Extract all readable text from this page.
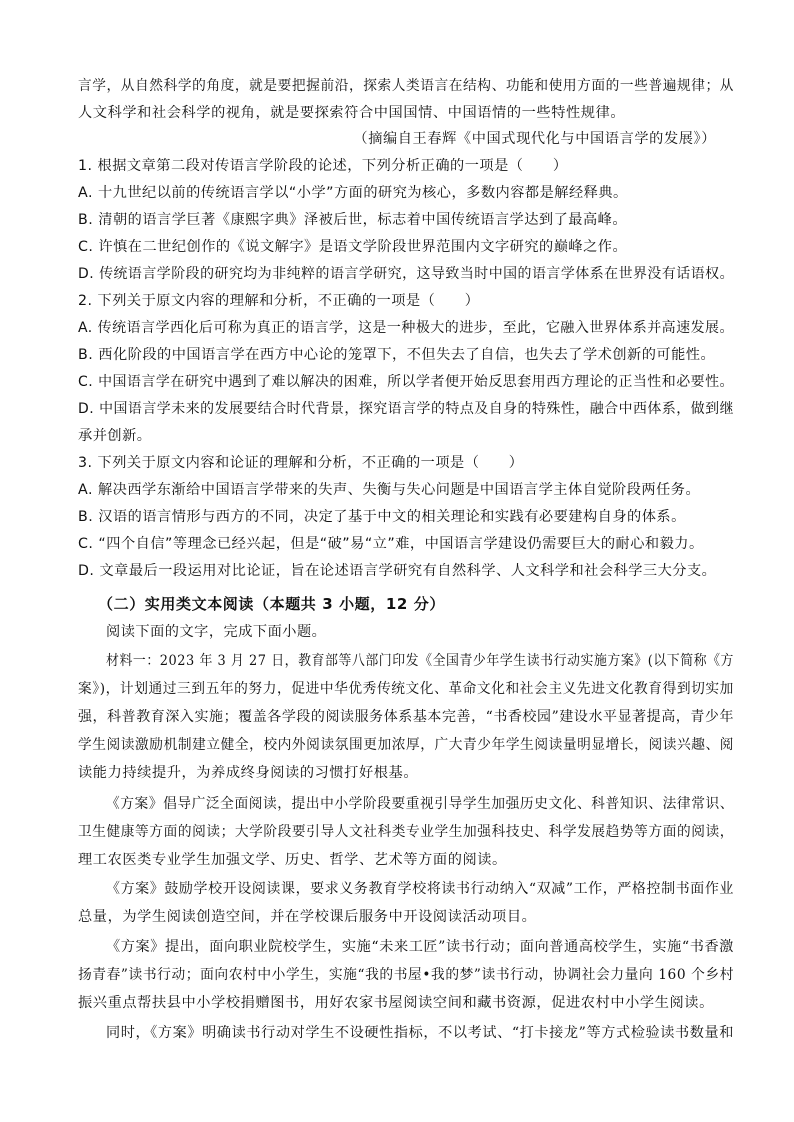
言学，从自然科学的角度，就是要把握前沿，探索人类语言在结构、功能和使用方面的一些普遍规律；从
人文科学和社会科学的视角，就是要探索符合中国国情、中国语情的一些特性规律。
（摘编自王春辉《中国式现代化与中国语言学的发展》）
1. 根据文章第二段对传语言学阶段的论述，下列分析正确的一项是（　　）
A. 十九世纪以前的传统语言学以“小学”方面的研究为核心，多数内容都是解经释典。
B. 清朝的语言学巨著《康熙字典》泽被后世，标志着中国传统语言学达到了最高峰。
C. 许慎在二世纪创作的《说文解字》是语文学阶段世界范围内文字研究的巅峰之作。
D. 传统语言学阶段的研究均为非纯粹的语言学研究，这导致当时中国的语言学体系在世界没有话语权。
2. 下列关于原文内容的理解和分析，不正确的一项是（　　）
A. 传统语言学西化后可称为真正的语言学，这是一种极大的进步，至此，它融入世界体系并高速发展。
B. 西化阶段的中国语言学在西方中心论的笼罩下，不但失去了自信，也失去了学术创新的可能性。
C. 中国语言学在研究中遇到了难以解决的困难，所以学者便开始反思套用西方理论的正当性和必要性。
D. 中国语言学未来的发展要结合时代背景，探究语言学的特点及自身的特殊性，融合中西体系，做到继
承并创新。
3. 下列关于原文内容和论证的理解和分析，不正确的一项是（　　）
A. 解决西学东渐给中国语言学带来的失声、失衡与失心问题是中国语言学主体自觉阶段两任务。
B. 汉语的语言情形与西方的不同，决定了基于中文的相关理论和实践有必要建构自身的体系。
C. “四个自信”等理念已经兴起，但是“破”易“立”难，中国语言学建设仍需要巨大的耐心和毅力。
D. 文章最后一段运用对比论证，旨在论述语言学研究有自然科学、人文科学和社会科学三大分支。
（二）实用类文本阅读（本题共 3 小题，12 分）
阅读下面的文字，完成下面小题。
材料一：2023 年 3 月 27 日，教育部等八部门印发《全国青少年学生读书行动实施方案》(以下简称《方
案》)，计划通过三到五年的努力，促进中华优秀传统文化、革命文化和社会主义先进文化教育得到切实加
强，科普教育深入实施；覆盖各学段的阅读服务体系基本完善，“书香校园”建设水平显著提高，青少年
学生阅读激励机制建立健全，校内外阅读氛围更加浓厚，广大青少年学生阅读量明显增长，阅读兴趣、阅
读能力持续提升，为养成终身阅读的习惯打好根基。
《方案》倡导广泛全面阅读，提出中小学阶段要重视引导学生加强历史文化、科普知识、法律常识、
卫生健康等方面的阅读；大学阶段要引导人文社科类专业学生加强科技史、科学发展趋势等方面的阅读，
理工农医类专业学生加强文学、历史、哲学、艺术等方面的阅读。
《方案》鼓励学校开设阅读课，要求义务教育学校将读书行动纳入“双减”工作，严格控制书面作业
总量，为学生阅读创造空间，并在学校课后服务中开设阅读活动项目。
《方案》提出，面向职业院校学生，实施“未来工匠”读书行动；面向普通高校学生，实施“书香激
扬青春”读书行动；面向农村中小学生，实施“我的书屋•我的梦”读书行动，协调社会力量向 160 个乡村
振兴重点帮扶县中小学校捐赠图书，用好农家书屋阅读空间和藏书资源，促进农村中小学生阅读。
同时，《方案》明确读书行动对学生不设硬性指标，不以考试、“打卡接龙”等方式检验读书数量和
